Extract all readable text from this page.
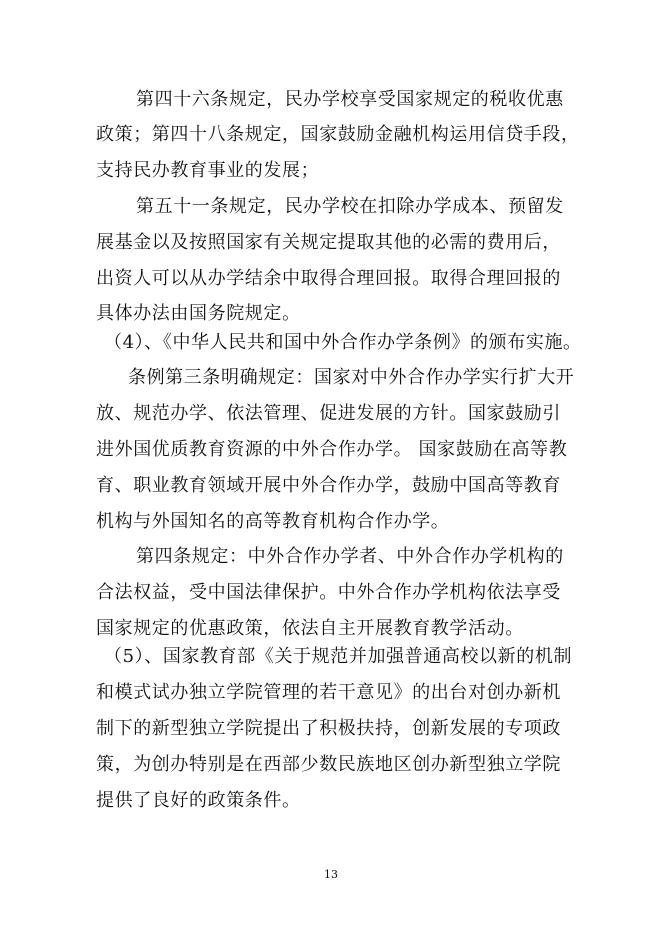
第四十六条规定，民办学校享受国家规定的税收优惠
政策；第四十八条规定，国家鼓励金融机构运用信贷手段，
支持民办教育事业的发展；
第五十一条规定，民办学校在扣除办学成本、预留发
展基金以及按照国家有关规定提取其他的必需的费用后，
出资人可以从办学结余中取得合理回报。取得合理回报的
具体办法由国务院规定。
（4）、《中华人民共和国中外合作办学条例》的颁布实施。
条例第三条明确规定：国家对中外合作办学实行扩大开
放、规范办学、依法管理、促进发展的方针。国家鼓励引
进外国优质教育资源的中外合作办学。 国家鼓励在高等教
育、职业教育领域开展中外合作办学，鼓励中国高等教育
机构与外国知名的高等教育机构合作办学。
第四条规定：中外合作办学者、中外合作办学机构的
合法权益，受中国法律保护。中外合作办学机构依法享受
国家规定的优惠政策，依法自主开展教育教学活动。
（5）、国家教育部《关于规范并加强普通高校以新的机制
和模式试办独立学院管理的若干意见》的出台对创办新机
制下的新型独立学院提出了积极扶持，创新发展的专项政
策，为创办特别是在西部少数民族地区创办新型独立学院
提供了良好的政策条件。
13
